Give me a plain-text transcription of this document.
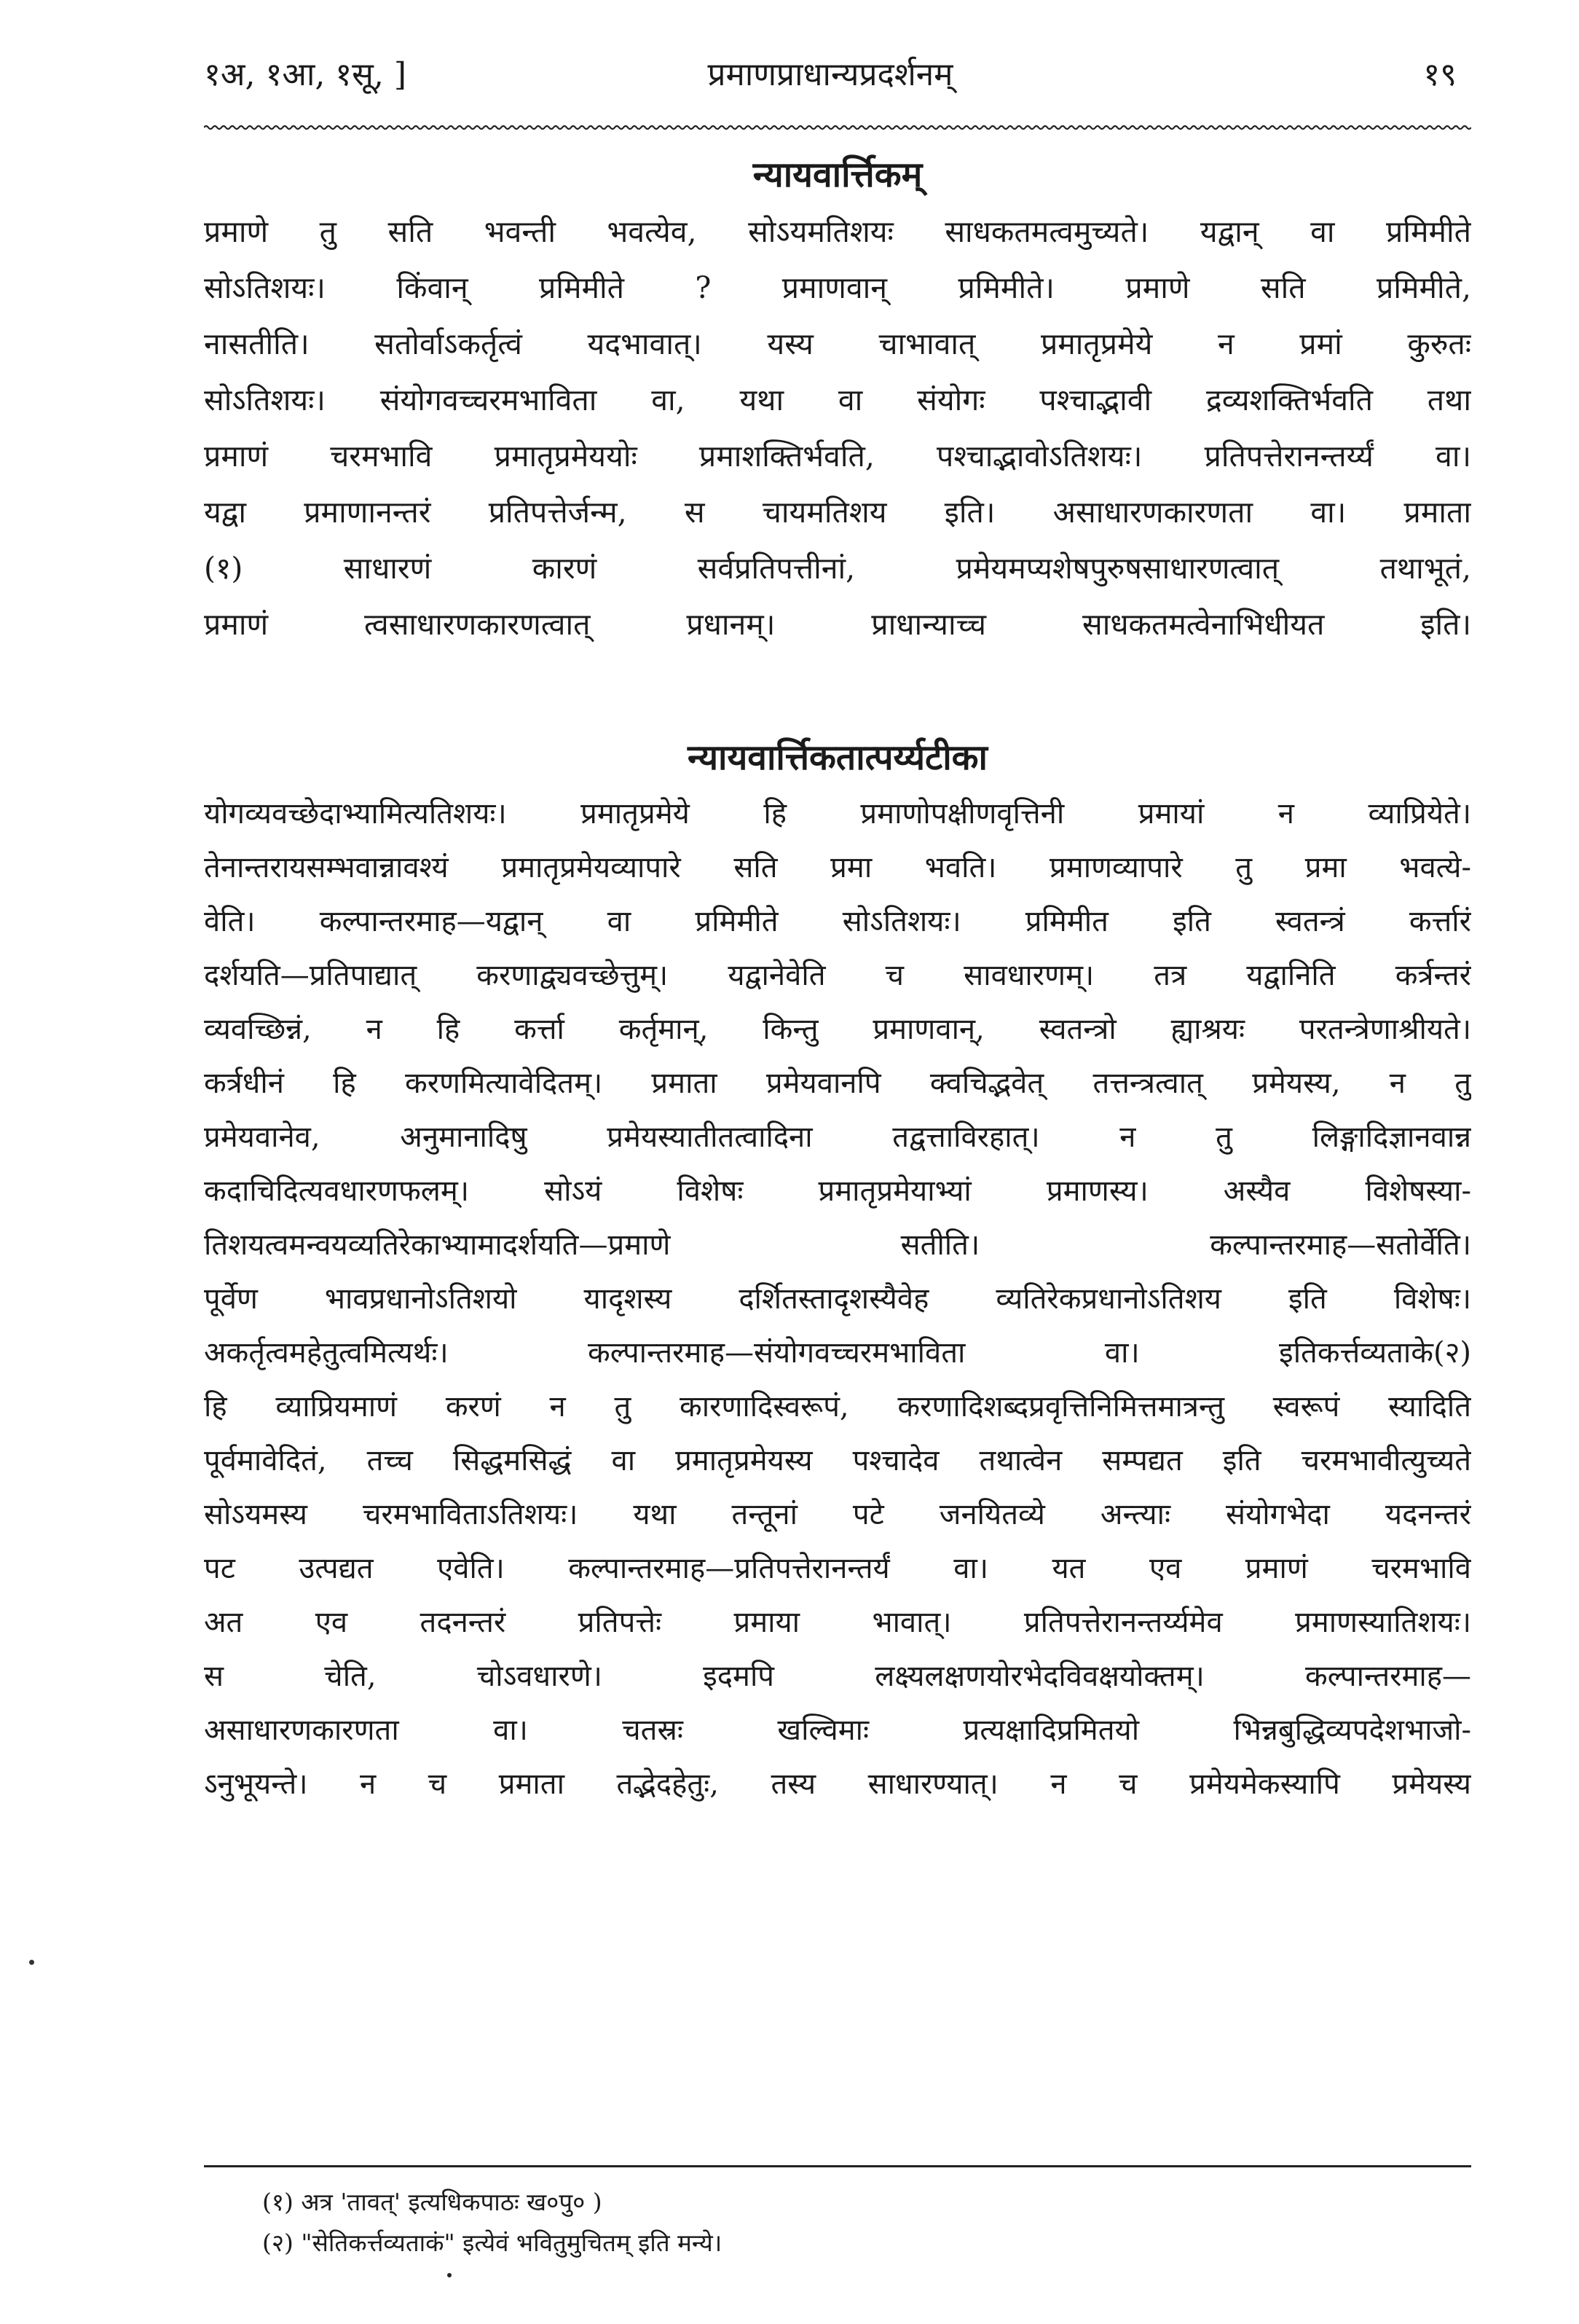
१अ, १आ, १सू, ]	प्रमाणप्राधान्यप्रदर्शनम्	१९
न्यायवार्त्तिकम्
प्रमाणे तु सति भवन्ती भवत्येव, सोऽयमतिशयः साधकतमत्वमुच्यते। यद्वान् वा प्रमिमीते
सोऽतिशयः। किंवान् प्रमिमीते ? प्रमाणवान् प्रमिमीते। प्रमाणे सति प्रमिमीते,
नासतीति। सतोर्वाऽकर्तृत्वं यदभावात्। यस्य चाभावात् प्रमातृप्रमेये न प्रमां कुरुतः
सोऽतिशयः। संयोगवच्चरमभाविता वा, यथा वा संयोगः पश्चाद्भावी द्रव्यशक्तिर्भवति तथा
प्रमाणं चरमभावि प्रमातृप्रमेययोः प्रमाशक्तिर्भवति, पश्चाद्भावोऽतिशयः। प्रतिपत्तेरानन्तर्य्यं वा।
यद्वा प्रमाणानन्तरं प्रतिपत्तेर्जन्म, स चायमतिशय इति। असाधारणकारणता वा। प्रमाता
(१) साधारणं कारणं सर्वप्रतिपत्तीनां, प्रमेयमप्यशेषपुरुषसाधारणत्वात् तथाभूतं,
प्रमाणं त्वसाधारणकारणत्वात् प्रधानम्। प्राधान्याच्च साधकतमत्वेनाभिधीयत इति।
न्यायवार्त्तिकतात्पर्य्यटीका
योगव्यवच्छेदाभ्यामित्यतिशयः। प्रमातृप्रमेये हि प्रमाणोपक्षीणवृत्तिनी प्रमायां न व्याप्रियेते।
तेनान्तरायसम्भवान्नावश्यं प्रमातृप्रमेयव्यापारे सति प्रमा भवति। प्रमाणव्यापारे तु प्रमा भवत्ये-
वेति। कल्पान्तरमाह—यद्वान् वा प्रमिमीते सोऽतिशयः। प्रमिमीत इति स्वतन्त्रं कर्त्तारं
दर्शयति—प्रतिपाद्यात् करणाद्व्यवच्छेत्तुम्। यद्वानेवेति च सावधारणम्। तत्र यद्वानिति कर्त्रन्तरं
व्यवच्छिन्नं, न हि कर्त्ता कर्तृमान्, किन्तु प्रमाणवान्, स्वतन्त्रो ह्याश्रयः परतन्त्रेणाश्रीयते।
कर्त्रधीनं हि करणमित्यावेदितम्। प्रमाता प्रमेयवानपि क्वचिद्भवेत् तत्तन्त्रत्वात् प्रमेयस्य, न तु
प्रमेयवानेव, अनुमानादिषु प्रमेयस्यातीतत्वादिना तद्वत्ताविरहात्। न तु लिङ्गादिज्ञानवान्न
कदाचिदित्यवधारणफलम्। सोऽयं विशेषः प्रमातृप्रमेयाभ्यां प्रमाणस्य। अस्यैव विशेषस्या-
तिशयत्वमन्वयव्यतिरेकाभ्यामादर्शयति—प्रमाणे सतीति। कल्पान्तरमाह—सतोर्वेति।
पूर्वेण भावप्रधानोऽतिशयो यादृशस्य दर्शितस्तादृशस्यैवेह व्यतिरेकप्रधानोऽतिशय इति विशेषः।
अकर्तृत्वमहेतुत्वमित्यर्थः। कल्पान्तरमाह—संयोगवच्चरमभाविता वा। इतिकर्त्तव्यताके(२)
हि व्याप्रियमाणं करणं न तु कारणादिस्वरूपं, करणादिशब्दप्रवृत्तिनिमित्तमात्रन्तु स्वरूपं स्यादिति
पूर्वमावेदितं, तच्च सिद्धमसिद्धं वा प्रमातृप्रमेयस्य पश्चादेव तथात्वेन सम्पद्यत इति चरमभावीत्युच्यते
सोऽयमस्य चरमभाविताऽतिशयः। यथा तन्तूनां पटे जनयितव्ये अन्त्याः संयोगभेदा यदनन्तरं
पट उत्पद्यत एवेति। कल्पान्तरमाह—प्रतिपत्तेरानन्तर्यं वा। यत एव प्रमाणं चरमभावि
अत एव तदनन्तरं प्रतिपत्तेः प्रमाया भावात्। प्रतिपत्तेरानन्तर्य्यमेव प्रमाणस्यातिशयः।
स चेति, चोऽवधारणे। इदमपि लक्ष्यलक्षणयोरभेदविवक्षयोक्तम्। कल्पान्तरमाह—
असाधारणकारणता वा। चतस्रः खल्विमाः प्रत्यक्षादिप्रमितयो भिन्नबुद्धिव्यपदेशभाजो-
ऽनुभूयन्ते। न च प्रमाता तद्भेदहेतुः, तस्य साधारण्यात्। न च प्रमेयमेकस्यापि प्रमेयस्य
(१) अत्र 'तावत्' इत्यधिकपाठः ख०पु० )
(२) "सेतिकर्त्तव्यताकं" इत्येवं भवितुमुचितम् इति मन्ये।
